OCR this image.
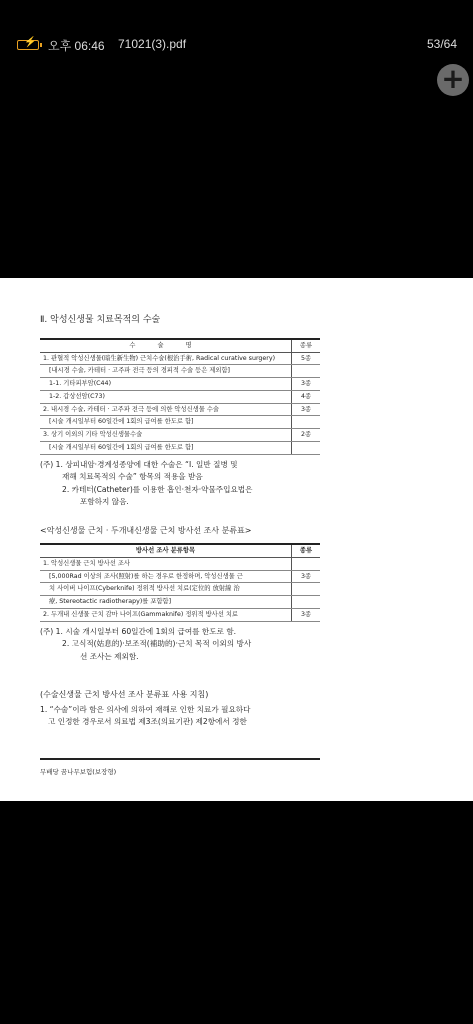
⚡ 오후 06:46 71021(3).pdf	53/64
+
Ⅱ. 악성신생물 치료목적의 수술
수 술 명	종류
1. 관혈적 악성신생물(暗生新生物) 근치수술(根治手術, Radical curative surgery)	5종
[내시경 수술, 카테터 · 고주파 전극 등의 경피적 수술 등은 제외함]	
1-1. 기타피부암(C44)	3종
1-2. 갑상선암(C73)	4종
2. 내시경 수술, 카테터 · 고주파 전극 등에 의한 악성신생물 수술	3종
[시술 개시일부터 60일간에 1회의 급여를 한도로 함]	
3. 상기 이외의 기타 악성신생물수술	2종
[시술 개시일부터 60일간에 1회의 급여를 한도로 함]	
(주) 1. 상피내암·경계성종양에 대한 수술은 “Ⅰ. 일반 질병 및
재해 치료목적의 수술” 항목의 적용을 받음
2. 카테터(Catheter)를 이용한 흡인·천자·약물주입요법은
포함하지 않음.
<악성신생물 근치 · 두개내신생물 근치 방사선 조사 분류표>
방사선 조사 분류항목	종류
1. 악성신생물 근치 방사선 조사	
[5,000Rad 이상의 조사(照射)를 하는 경우로 한정하며, 악성신생물 근	3종
치 사이버 나이프(Cyberknife) 정위적 방사선 치료(定位的 放射線 治	
療, Stereotactic radiotherapy)를 포함함]	
2. 두개내 신생물 근치 감마 나이프(Gammaknife) 정위적 방사선 치료	3종
(주) 1. 시술 개시일부터 60일간에 1회의 급여를 한도로 함.
2. 고식적(姑息的)·보조적(補助的)·근치 목적 이외의 방사
선 조사는 제외함.
(수술신생물 근치 방사선 조사 분류표 사용 지침)
1. “수술”이라 함은 의사에 의하여 재해로 인한 치료가 필요하다
고 인정한 경우로서 의료법 제3조(의료기관) 제2항에서 정한
무배당 꿈나무보험(보장형)
